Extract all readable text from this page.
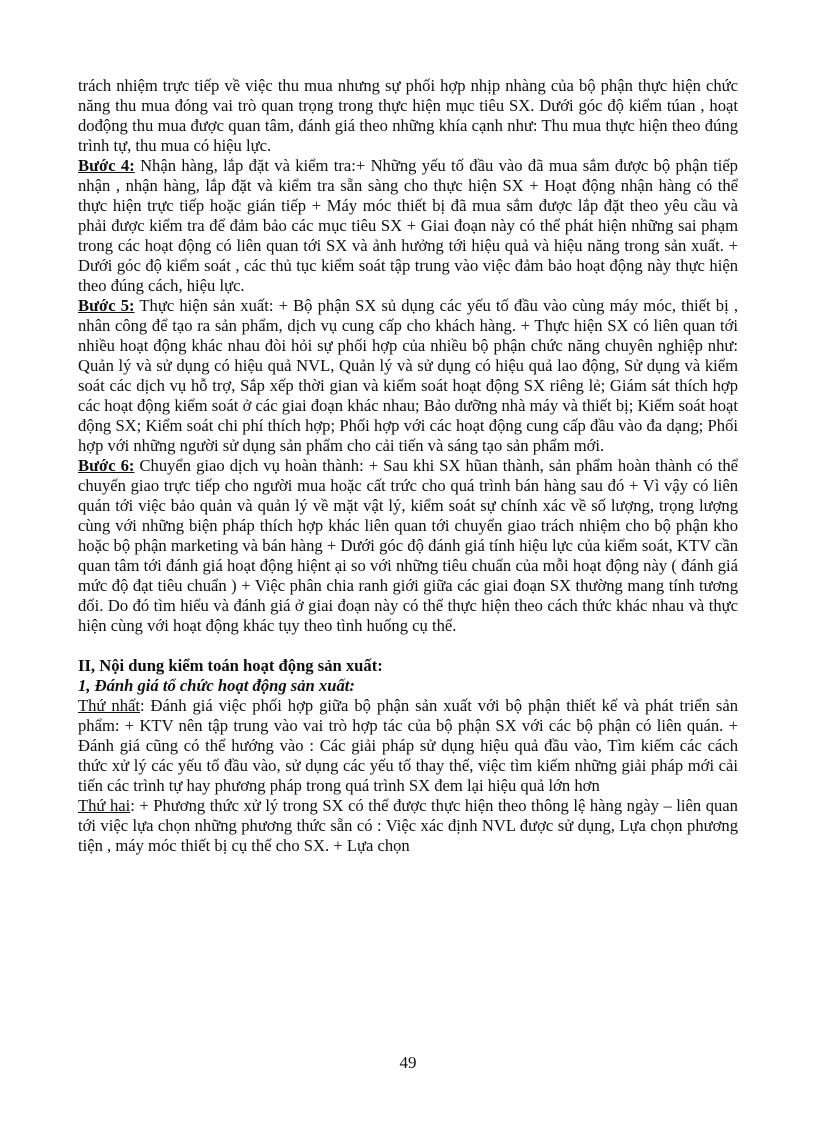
trách nhiệm trực tiếp về việc thu mua nhưng sự phối hợp nhịp nhàng của bộ phận thực hiện chức năng thu mua đóng vai trò quan trọng trong thực hiện mục tiêu SX. Dưới góc độ kiểm túan , hoạt dođộng thu mua được quan tâm, đánh giá theo những khía cạnh như: Thu mua thực hiện theo đúng trình tự, thu mua có hiệu lực.

Bước 4: Nhận hàng, lắp đặt và kiểm tra:+ Những yếu tố đầu vào đã mua sắm được bộ phận tiếp nhận , nhận hàng, lắp đặt và kiểm tra sẵn sàng cho thực hiện SX + Hoạt động nhận hàng có thể thực hiện trực tiếp hoặc gián tiếp + Máy móc thiết bị đã mua sắm được lắp đặt theo yêu cầu và phải được kiểm tra để đảm bảo các mục tiêu SX + Giai đoạn này có thể phát hiện những sai phạm trong các hoạt động có liên quan tới SX và ảnh hưởng tới hiệu quả và hiệu năng trong sản xuất. + Dưới góc độ kiểm soát , các thủ tục kiểm soát tập trung vào việc đảm bảo hoạt động này thực hiện theo đúng cách, hiệu lực.

Bước 5: Thực hiện sản xuất: + Bộ phận SX sủ dụng các yếu tố đầu vào cùng máy móc, thiết bị , nhân công để tạo ra sản phẩm, dịch vụ cung cấp cho khách hàng. + Thực hiện SX có liên quan tới nhiều hoạt động khác nhau đòi hỏi sự phối hợp của nhiều bộ phận chức năng chuyên nghiệp như: Quản lý và sử dụng có hiệu quả NVL, Quản lý và sử dụng có hiệu quả lao động, Sử dụng và kiểm soát các dịch vụ hỗ trợ, Sắp xếp thời gian và kiểm soát hoạt động SX riêng lẻ; Giám sát thích hợp các hoạt động kiểm soát ở các giai đoạn khác nhau; Bảo dưỡng nhà máy và thiết bị; Kiểm soát hoạt động SX; Kiểm soát chi phí thích hợp; Phối hợp với các hoạt động cung cấp đầu vào đa dạng; Phối hợp với những người sử dụng sản phẩm cho cải tiến và sáng tạo sản phẩm mới.

Bước 6: Chuyển giao dịch vụ hoàn thành: + Sau khi SX hũan thành, sản phẩm hoàn thành có thể chuyển giao trực tiếp cho người mua hoặc cất trức cho quá trình bán hàng sau đó + Vì vậy có liên quán tới việc bảo quản và quản lý về mặt vật lý, kiểm soát sự chính xác về số lượng, trọng lượng cùng với những biện pháp thích hợp khác liên quan tới chuyển giao trách nhiệm cho bộ phận kho hoặc bộ phận marketing và bán hàng + Dưới góc độ đánh giá tính hiệu lực của kiểm soát, KTV cần quan tâm tới đánh giá hoạt động hiệnt ại so với những tiêu chuẩn của mỗi hoạt động này ( đánh giá mức độ đạt tiêu chuẩn ) + Việc phân chia ranh giới giữa các giai đoạn SX thường mang tính tương đối. Do đó tìm hiểu và đánh giá ở giai đoạn này có thể thực hiện theo cách thức khác nhau và thực hiện cùng với hoạt động khác tụy theo tình huống cụ thể.

II, Nội dung kiểm toán hoạt động sản xuất:

1, Đánh giá tổ chức hoạt động sản xuất:

Thứ nhất: Đánh giá việc phối hợp giữa bộ phận sản xuất với bộ phận thiết kế và phát triển sản phẩm: + KTV nên tập trung vào vai trò hợp tác của bộ phận SX với các bộ phận có liên quán. + Đánh giá cũng có thể hướng vào : Các giải pháp sử dụng hiệu quả đầu vào, Tìm kiếm các cách thức xử lý các yếu tố đầu vào, sử dụng các yếu tố thay thế, việc tìm kiếm những giải pháp mới cải tiến các trình tự hay phương pháp trong quá trình SX đem lại hiệu quả lớn hơn

Thứ hai: + Phương thức xử lý trong SX có thể được thực hiện theo thông lệ hàng ngày – liên quan tới việc lựa chọn những phương thức sẵn có : Việc xác định NVL được sử dụng, Lựa chọn phương tiện , máy móc thiết bị cụ thể cho SX. + Lựa chọn

49
